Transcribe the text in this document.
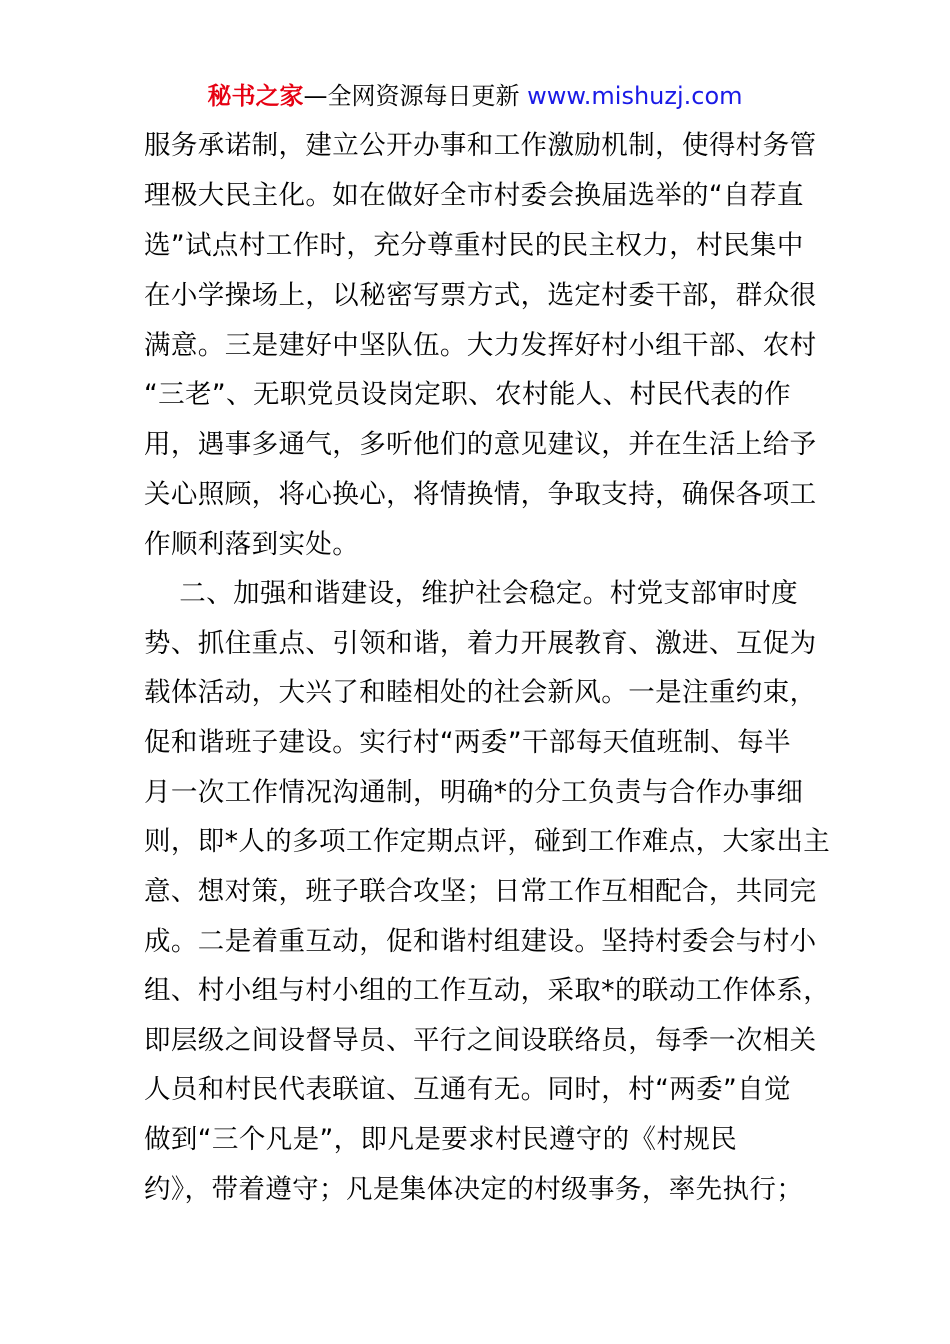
秘书之家—全网资源每日更新 www.mishuzj.com
服务承诺制，建立公开办事和工作激励机制，使得村务管
理极大民主化。如在做好全市村委会换届选举的“自荐直
选”试点村工作时，充分尊重村民的民主权力，村民集中
在小学操场上，以秘密写票方式，选定村委干部，群众很
满意。三是建好中坚队伍。大力发挥好村小组干部、农村
“三老”、无职党员设岗定职、农村能人、村民代表的作
用，遇事多通气，多听他们的意见建议，并在生活上给予
关心照顾，将心换心，将情换情，争取支持，确保各项工
作顺利落到实处。
二、加强和谐建设，维护社会稳定。村党支部审时度
势、抓住重点、引领和谐，着力开展教育、激进、互促为
载体活动，大兴了和睦相处的社会新风。一是注重约束，
促和谐班子建设。实行村“两委”干部每天值班制、每半
月一次工作情况沟通制，明确*的分工负责与合作办事细
则，即*人的多项工作定期点评，碰到工作难点，大家出主
意、想对策，班子联合攻坚；日常工作互相配合，共同完
成。二是着重互动，促和谐村组建设。坚持村委会与村小
组、村小组与村小组的工作互动，采取*的联动工作体系，
即层级之间设督导员、平行之间设联络员，每季一次相关
人员和村民代表联谊、互通有无。同时，村“两委”自觉
做到“三个凡是”，即凡是要求村民遵守的《村规民
约》，带着遵守；凡是集体决定的村级事务，率先执行；
